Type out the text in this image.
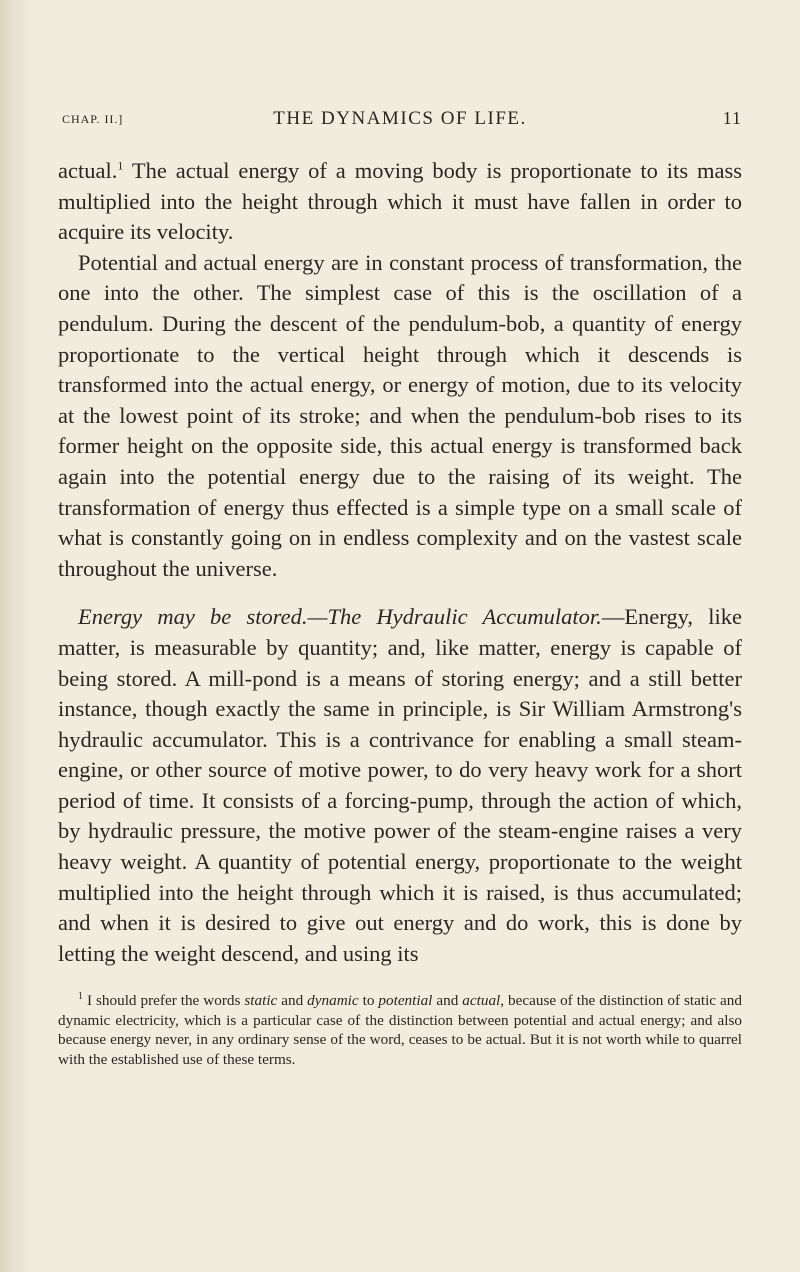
CHAP. II.]	THE DYNAMICS OF LIFE.	11

actual.$^1$ The actual energy of a moving body is proportionate to its mass multiplied into the height through which it must have fallen in order to acquire its velocity.

Potential and actual energy are in constant process of transformation, the one into the other. The simplest case of this is the oscillation of a pendulum. During the descent of the pendulum-bob, a quantity of energy proportionate to the vertical height through which it descends is transformed into the actual energy, or energy of motion, due to its velocity at the lowest point of its stroke; and when the pendulum-bob rises to its former height on the opposite side, this actual energy is transformed back again into the potential energy due to the raising of its weight. The transformation of energy thus effected is a simple type on a small scale of what is constantly going on in endless complexity and on the vastest scale throughout the universe.

Energy may be stored.—The Hydraulic Accumulator.—Energy, like matter, is measurable by quantity; and, like matter, energy is capable of being stored. A mill-pond is a means of storing energy; and a still better instance, though exactly the same in principle, is Sir William Armstrong's hydraulic accumulator. This is a contrivance for enabling a small steam-engine, or other source of motive power, to do very heavy work for a short period of time. It consists of a forcing-pump, through the action of which, by hydraulic pressure, the motive power of the steam-engine raises a very heavy weight. A quantity of potential energy, proportionate to the weight multiplied into the height through which it is raised, is thus accumulated; and when it is desired to give out energy and do work, this is done by letting the weight descend, and using its

$^1$ I should prefer the words static and dynamic to potential and actual, because of the distinction of static and dynamic electricity, which is a particular case of the distinction between potential and actual energy; and also because energy never, in any ordinary sense of the word, ceases to be actual. But it is not worth while to quarrel with the established use of these terms.
